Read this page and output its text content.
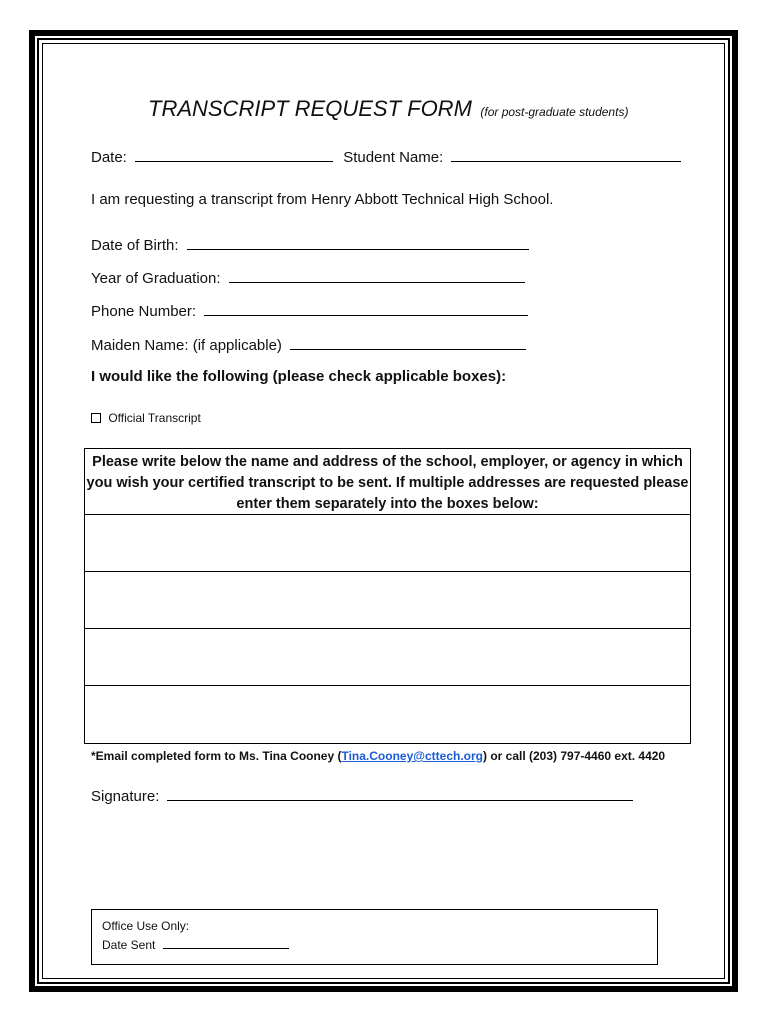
TRANSCRIPT REQUEST FORM (for post-graduate students)
Date:	Student Name:
I am requesting a transcript from Henry Abbott Technical High School.
Date of Birth:
Year of Graduation:
Phone Number:
Maiden Name: (if applicable)
I would like the following (please check applicable boxes):
Official Transcript
Please write below the name and address of the school, employer, or agency in which you wish your certified transcript to be sent. If multiple addresses are requested please enter them separately into the boxes below:
*Email completed form to Ms. Tina Cooney (Tina.Cooney@cttech.org) or call (203) 797-4460 ext. 4420
Signature:
Office Use Only:
Date Sent
